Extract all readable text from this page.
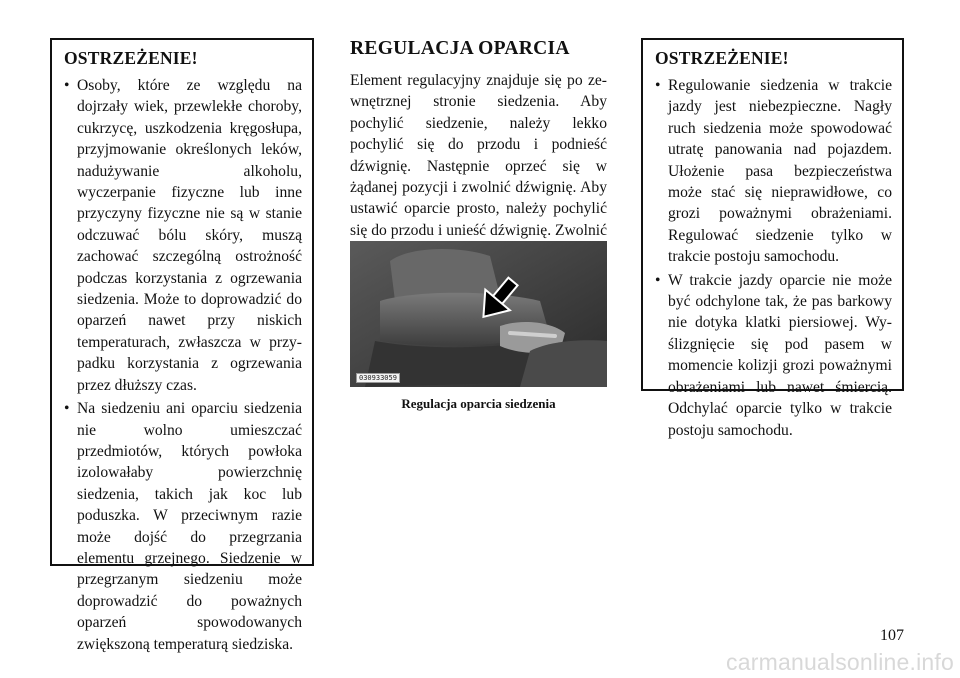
OSTRZEŻENIE!
• Osoby, które ze względu na dojrzały wiek, przewlekłe choroby, cukrzycę, uszkodzenia kręgosłupa, przyjmowanie określonych leków, nadużywanie alkoholu, wyczerpanie fizyczne lub inne przyczyny fizyczne nie są w stanie odczuwać bólu skóry, muszą zachować szczególną ostrożność podczas korzystania z ogrzewania siedzenia. Może to doprowadzić do oparzeń nawet przy niskich temperaturach, zwłaszcza w przypadku korzystania z ogrzewania przez dłuższy czas.
• Na siedzeniu ani oparciu siedzenia nie wolno umieszczać przedmiotów, których powłoka izolowałaby powierzchnię siedzenia, takich jak koc lub poduszka. W przeciwnym razie może dojść do przegrzania elementu grzejnego. Siedzenie w przegrzanym siedzeniu może doprowadzić do poważnych oparzeń spowodowanych zwiększoną temperaturą siedziska.
REGULACJA OPARCIA

Element regulacyjny znajduje się po zewnętrznej stronie siedzenia. Aby pochylić siedzenie, należy lekko pochylić się do przodu i podnieść dźwignię. Następnie oprzeć się w żądanej pozycji i zwolnić dźwignię. Aby ustawić oparcie prosto, należy pochylić się do przodu i unieść dźwignię. Zwolnić

030933059
Regulacja oparcia siedzenia
OSTRZEŻENIE!
• Regulowanie siedzenia w trakcie jazdy jest niebezpieczne. Nagły ruch siedzenia może spowodować utratę panowania nad pojazdem. Ułożenie pasa bezpieczeństwa może stać się nieprawidłowe, co grozi poważnymi obrażeniami. Regulować siedzenie tylko w trakcie postoju samochodu.
• W trakcie jazdy oparcie nie może być odchylone tak, że pas barkowy nie dotyka klatki piersiowej. Wyślizgnięcie się pod pasem w momencie kolizji grozi poważnymi obrażeniami lub nawet śmiercią. Odchylać oparcie tylko w trakcie postoju samochodu.
107
carmanualsonline.info
